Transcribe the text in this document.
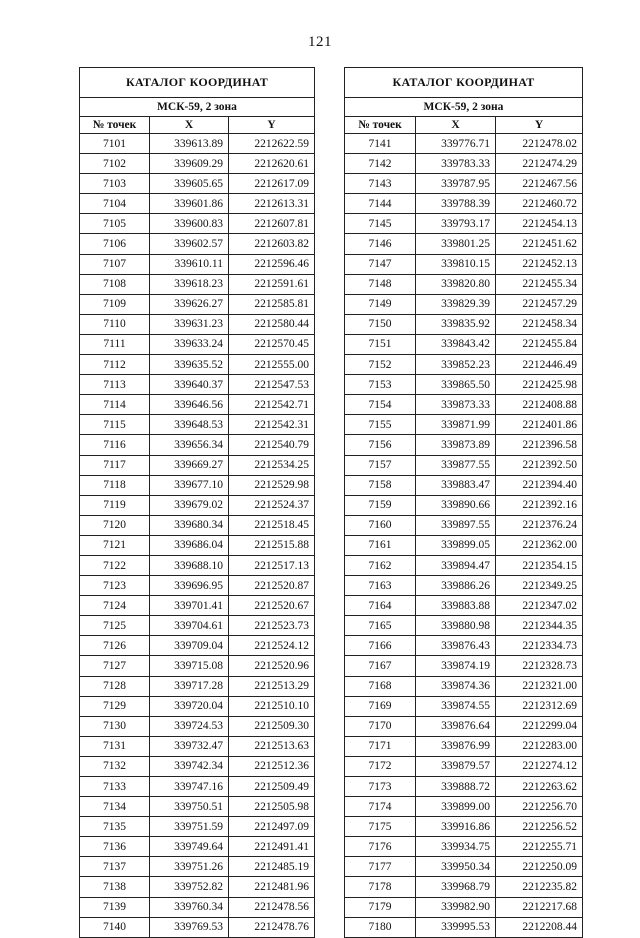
121
КАТАЛОГ КООРДИНАТ		
МСК-59, 2 зона		
№ точек	X	Y
7101	339613.89	2212622.59
7102	339609.29	2212620.61
7103	339605.65	2212617.09
7104	339601.86	2212613.31
7105	339600.83	2212607.81
7106	339602.57	2212603.82
7107	339610.11	2212596.46
7108	339618.23	2212591.61
7109	339626.27	2212585.81
7110	339631.23	2212580.44
7111	339633.24	2212570.45
7112	339635.52	2212555.00
7113	339640.37	2212547.53
7114	339646.56	2212542.71
7115	339648.53	2212542.31
7116	339656.34	2212540.79
7117	339669.27	2212534.25
7118	339677.10	2212529.98
7119	339679.02	2212524.37
7120	339680.34	2212518.45
7121	339686.04	2212515.88
7122	339688.10	2212517.13
7123	339696.95	2212520.87
7124	339701.41	2212520.67
7125	339704.61	2212523.73
7126	339709.04	2212524.12
7127	339715.08	2212520.96
7128	339717.28	2212513.29
7129	339720.04	2212510.10
7130	339724.53	2212509.30
7131	339732.47	2212513.63
7132	339742.34	2212512.36
7133	339747.16	2212509.49
7134	339750.51	2212505.98
7135	339751.59	2212497.09
7136	339749.64	2212491.41
7137	339751.26	2212485.19
7138	339752.82	2212481.96
7139	339760.34	2212478.56
7140	339769.53	2212478.76
КАТАЛОГ КООРДИНАТ		
МСК-59, 2 зона		
№ точек	X	Y
7141	339776.71	2212478.02
7142	339783.33	2212474.29
7143	339787.95	2212467.56
7144	339788.39	2212460.72
7145	339793.17	2212454.13
7146	339801.25	2212451.62
7147	339810.15	2212452.13
7148	339820.80	2212455.34
7149	339829.39	2212457.29
7150	339835.92	2212458.34
7151	339843.42	2212455.84
7152	339852.23	2212446.49
7153	339865.50	2212425.98
7154	339873.33	2212408.88
7155	339871.99	2212401.86
7156	339873.89	2212396.58
7157	339877.55	2212392.50
7158	339883.47	2212394.40
7159	339890.66	2212392.16
7160	339897.55	2212376.24
7161	339899.05	2212362.00
7162	339894.47	2212354.15
7163	339886.26	2212349.25
7164	339883.88	2212347.02
7165	339880.98	2212344.35
7166	339876.43	2212334.73
7167	339874.19	2212328.73
7168	339874.36	2212321.00
7169	339874.55	2212312.69
7170	339876.64	2212299.04
7171	339876.99	2212283.00
7172	339879.57	2212274.12
7173	339888.72	2212263.62
7174	339899.00	2212256.70
7175	339916.86	2212256.52
7176	339934.75	2212255.71
7177	339950.34	2212250.09
7178	339968.79	2212235.82
7179	339982.90	2212217.68
7180	339995.53	2212208.44
